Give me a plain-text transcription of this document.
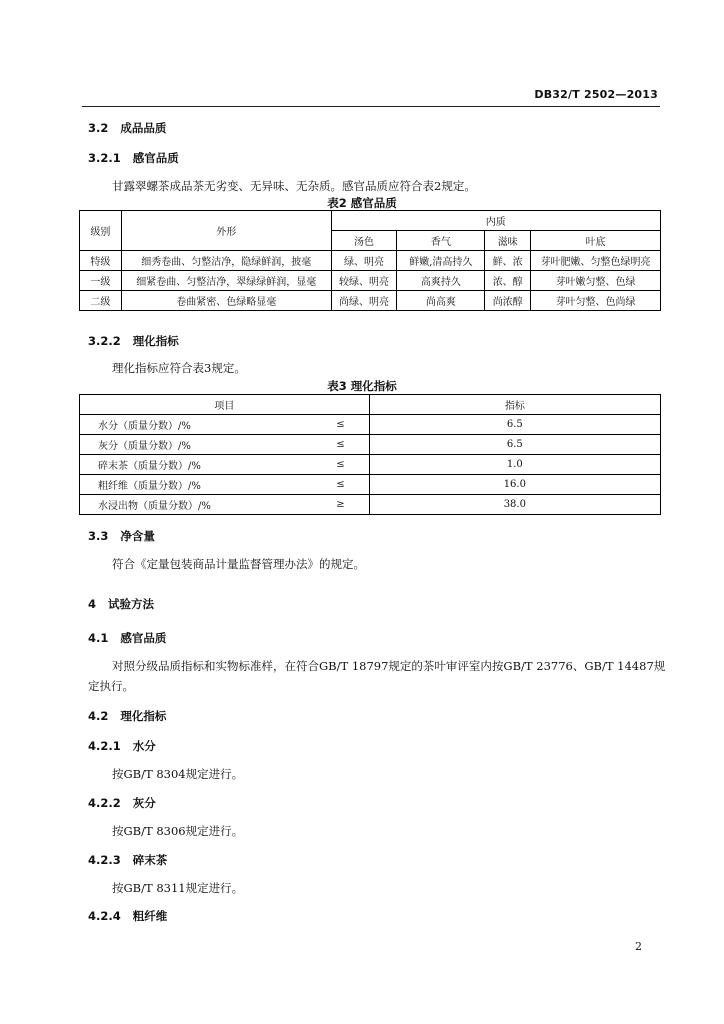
DB32/T 2502—2013
3.2 成品品质
3.2.1 感官品质
甘露翠螺茶成品茶无劣变、无异味、无杂质。感官品质应符合表2规定。
表2 感官品质
级别	外形	内质			
		汤色	香气	滋味	叶底
特级	细秀卷曲、匀整洁净，隐绿鲜润，披毫	绿、明亮	鲜嫩,清高持久	鲜、浓	芽叶肥嫩、匀整色绿明亮
一级	细紧卷曲、匀整洁净，翠绿绿鲜润，显毫	较绿、明亮	高爽持久	浓、醇	芽叶嫩匀整、色绿
二级	卷曲紧密、色绿略显毫	尚绿、明亮	尚高爽	尚浓醇	芽叶匀整、色尚绿
3.2.2 理化指标
理化指标应符合表3规定。
表3 理化指标
项目		指标
水分（质量分数）/%	≤	6.5
灰分（质量分数）/%	≤	6.5
碎末茶（质量分数）/%	≤	1.0
粗纤维（质量分数）/%	≤	16.0
水浸出物（质量分数）/%	≥	38.0
3.3 净含量
符合《定量包装商品计量监督管理办法》的规定。
4 试验方法
4.1 感官品质
对照分级品质指标和实物标准样，在符合GB/T 18797规定的茶叶审评室内按GB/T 23776、GB/T 14487规定执行。
4.2 理化指标
4.2.1 水分
按GB/T 8304规定进行。
4.2.2 灰分
按GB/T 8306规定进行。
4.2.3 碎末茶
按GB/T 8311规定进行。
4.2.4 粗纤维
2
